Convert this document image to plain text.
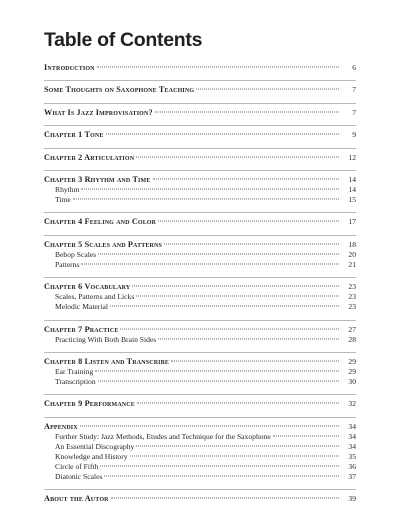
Table of Contents
Introduction	6
Some Thoughts on Saxophone Teaching	7
What Is Jazz Improvisation?	7
Chapter 1 Tone	9
Chapter 2 Articulation	12
Chapter 3 Rhythm and Time	14
Rhythm	14
Time	15
Chapter 4 Feeling and Color	17
Chapter 5 Scales and Patterns	18
Bebop Scales	20
Patterns	21
Chapter 6 Vocabulary	23
Scales, Patterns and Licks	23
Melodic Material	23
Chapter 7 Practice	27
Practicing With Both Brain Sides	28
Chapter 8 Listen and Transcribe	29
Ear Training	29
Transcription	30
Chapter 9 Performance	32
Appendix	34
Further Study: Jazz Methods, Etudes and Technique for the Saxophone	34
An Essential Discography	34
Knowledge and History	35
Circle of Fifth	36
Diatonic Scales	37
About the Autor	39
